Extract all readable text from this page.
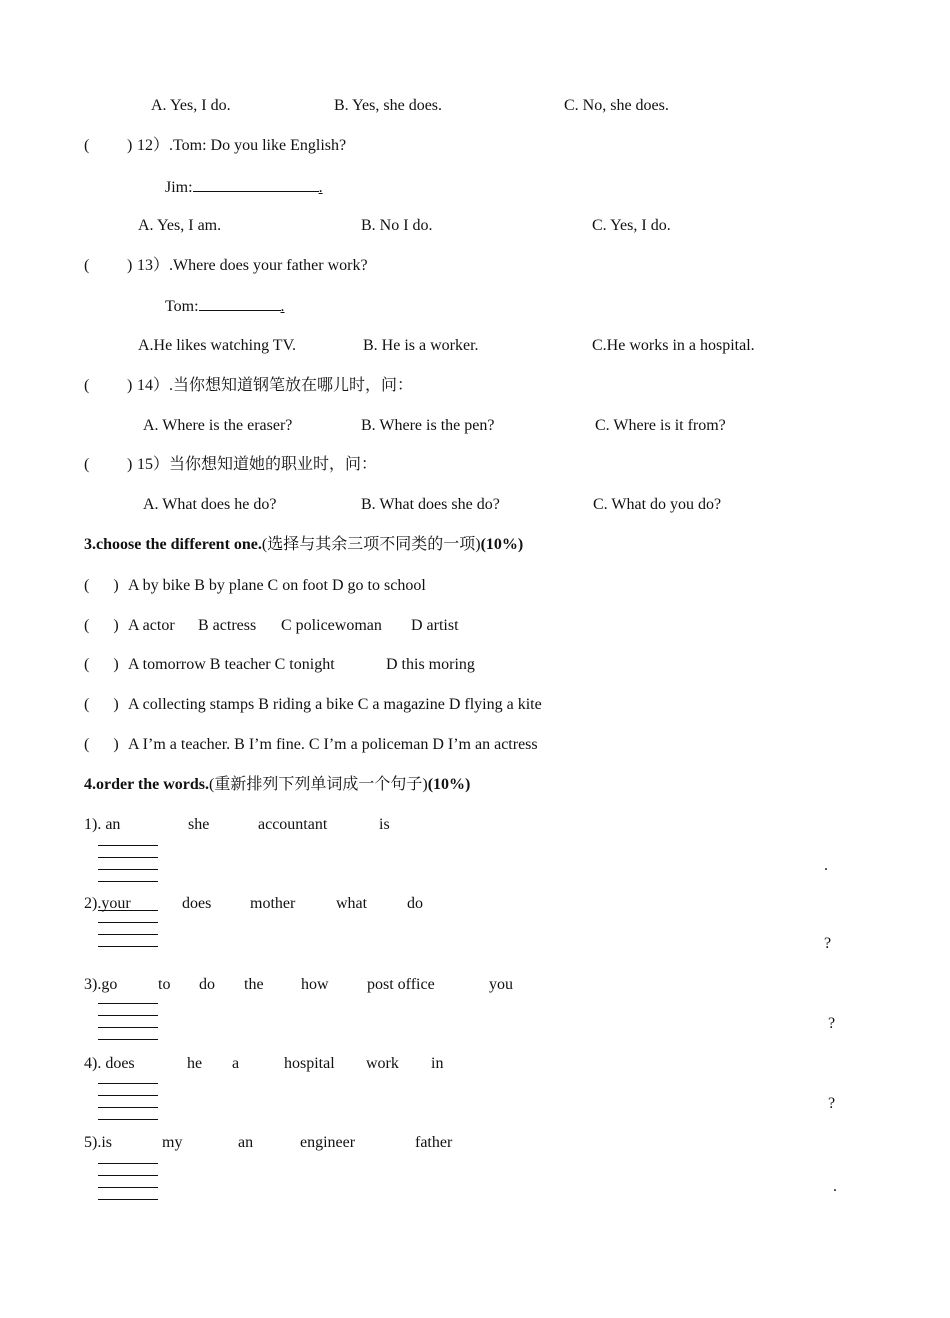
A. Yes, I do.	B. Yes, she does.	C. No, she does.
( ) 12）.Tom: Do you like English?
Jim:	.
A. Yes, I am.	B. No I do.	C. Yes, I do.
( ) 13）.Where does your father work?
Tom:	.
A.He likes watching TV.	B. He is a worker.	C.He works in a hospital.
( ) 14）.当你想知道钢笔放在哪儿时，问：
A. Where is the eraser?	B. Where is the pen?	C. Where is it from?
( ) 15）当你想知道她的职业时，问：
A. What does he do?	B. What does she do?	C. What do you do?
3.choose the different one.(选择与其余三项不同类的一项)(10%)
(      ) A by bike B by plane C on foot D go to school
(      ) A actor B actress C policewoman D artist
(      ) A tomorrow B teacher C tonight	D this moring
(      ) A collecting stamps B riding a bike C a magazine D flying a kite
(      ) A I’m a teacher. B I’m fine. C I’m a policeman D I’m an actress
4.order the words.(重新排列下列单词成一个句子)(10%)
1). an	she	accountant	is
.
2).your	does mother	what do
?
3).go	to do the how post office	you
?
4). does	he a	hospital work in
?
5).is	my	an	engineer	father
.
